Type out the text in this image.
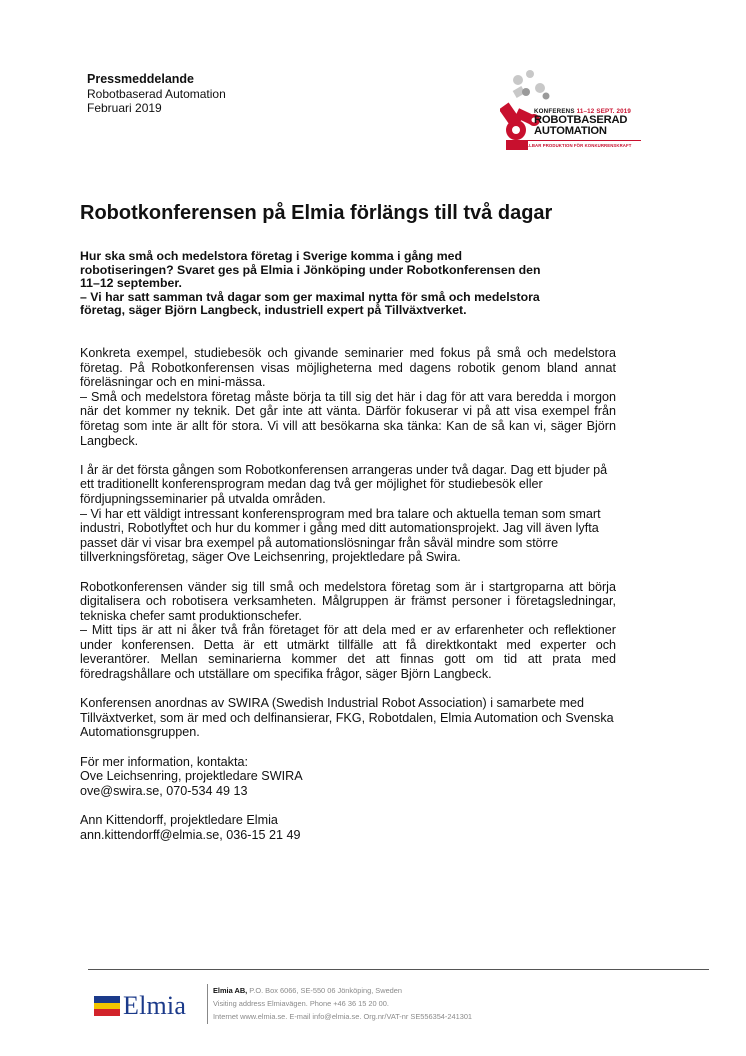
Pressmeddelande
Robotbaserad Automation
Februari 2019	KONFERENS 11–12 SEPT. 2019
ROBOTBASERAD
AUTOMATION
HÅLLBAR PRODUKTION FÖR KONKURRENSKRAFT
Robotkonferensen på Elmia förlängs till två dagar
Hur ska små och medelstora företag i Sverige komma i gång med robotiseringen? Svaret ges på Elmia i Jönköping under Robotkonferensen den 11–12 september.
– Vi har satt samman två dagar som ger maximal nytta för små och medelstora företag, säger Björn Langbeck, industriell expert på Tillväxtverket.

Konkreta exempel, studiebesök och givande seminarier med fokus på små och medelstora företag. På Robotkonferensen visas möjligheterna med dagens robotik genom bland annat föreläsningar och en mini-mässa.
– Små och medelstora företag måste börja ta till sig det här i dag för att vara beredda i morgon när det kommer ny teknik. Det går inte att vänta. Därför fokuserar vi på att visa exempel från företag som inte är allt för stora. Vi vill att besökarna ska tänka: Kan de så kan vi, säger Björn Langbeck.

I år är det första gången som Robotkonferensen arrangeras under två dagar. Dag ett bjuder på ett traditionellt konferensprogram medan dag två ger möjlighet för studiebesök eller fördjupningsseminarier på utvalda områden.
– Vi har ett väldigt intressant konferensprogram med bra talare och aktuella teman som smart industri, Robotlyftet och hur du kommer i gång med ditt automationsprojekt. Jag vill även lyfta passet där vi visar bra exempel på automationslösningar från såväl mindre som större tillverkningsföretag, säger Ove Leichsenring, projektledare på Swira.

Robotkonferensen vänder sig till små och medelstora företag som är i startgroparna att börja digitalisera och robotisera verksamheten. Målgruppen är främst personer i företagsledningar, tekniska chefer samt produktionschefer.
– Mitt tips är att ni åker två från företaget för att dela med er av erfarenheter och reflektioner under konferensen. Detta är ett utmärkt tillfälle att få direktkontakt med experter och leverantörer. Mellan seminarierna kommer det att finnas gott om tid att prata med föredragshållare och utställare om specifika frågor, säger Björn Langbeck.

Konferensen anordnas av SWIRA (Swedish Industrial Robot Association) i samarbete med Tillväxtverket, som är med och delfinansierar, FKG, Robotdalen, Elmia Automation och Svenska Automationsgruppen.

För mer information, kontakta:
Ove Leichsenring, projektledare SWIRA
ove@swira.se, 070-534 49 13

Ann Kittendorff, projektledare Elmia
ann.kittendorff@elmia.se, 036-15 21 49

Elmia
Elmia AB, P.O. Box 6066, SE-550 06 Jönköping, Sweden
Visiting address Elmiavägen. Phone +46 36 15 20 00.
Internet www.elmia.se. E-mail info@elmia.se. Org.nr/VAT-nr SE556354-241301
